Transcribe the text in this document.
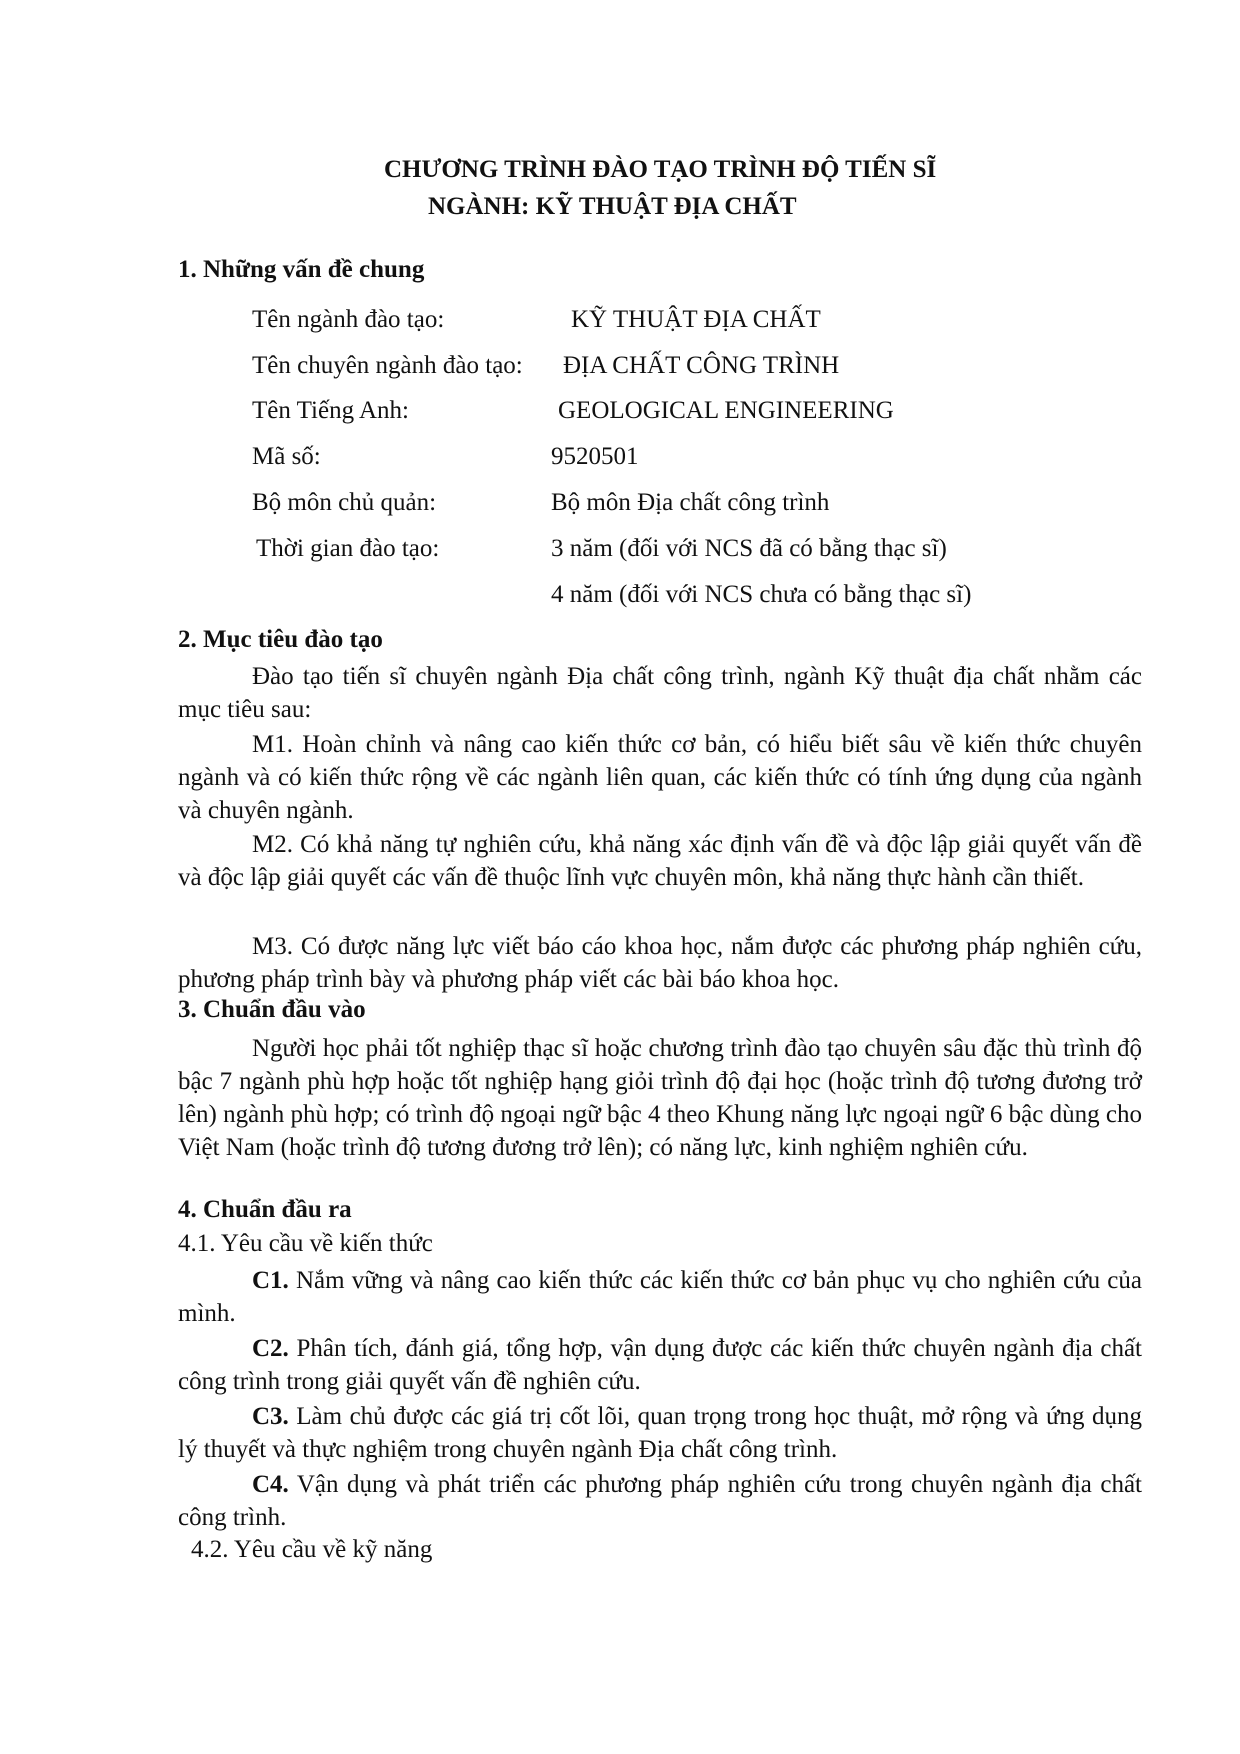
CHƯƠNG TRÌNH ĐÀO TẠO TRÌNH ĐỘ TIẾN SĨ
NGÀNH: KỸ THUẬT ĐỊA CHẤT
1. Những vấn đề chung
Tên ngành đào tạo:	KỸ THUẬT ĐỊA CHẤT
Tên chuyên ngành đào tạo: ĐỊA CHẤT CÔNG TRÌNH
Tên Tiếng Anh:	GEOLOGICAL ENGINEERING
Mã số:	9520501
Bộ môn chủ quản:	Bộ môn Địa chất công trình
Thời gian đào tạo:	3 năm (đối với NCS đã có bằng thạc sĩ)
4 năm (đối với NCS chưa có bằng thạc sĩ)
2. Mục tiêu đào tạo

Đào tạo tiến sĩ chuyên ngành Địa chất công trình, ngành Kỹ thuật địa chất nhằm các mục tiêu sau:

M1. Hoàn chỉnh và nâng cao kiến thức cơ bản, có hiểu biết sâu về kiến thức chuyên ngành và có kiến thức rộng về các ngành liên quan, các kiến thức có tính ứng dụng của ngành và chuyên ngành.

M2. Có khả năng tự nghiên cứu, khả năng xác định vấn đề và độc lập giải quyết vấn đề và độc lập giải quyết các vấn đề thuộc lĩnh vực chuyên môn, khả năng thực hành cần thiết.

M3. Có được năng lực viết báo cáo khoa học, nắm được các phương pháp nghiên cứu, phương pháp trình bày và phương pháp viết các bài báo khoa học.

3. Chuẩn đầu vào

Người học phải tốt nghiệp thạc sĩ hoặc chương trình đào tạo chuyên sâu đặc thù trình độ bậc 7 ngành phù hợp hoặc tốt nghiệp hạng giỏi trình độ đại học (hoặc trình độ tương đương trở lên) ngành phù hợp; có trình độ ngoại ngữ bậc 4 theo Khung năng lực ngoại ngữ 6 bậc dùng cho Việt Nam (hoặc trình độ tương đương trở lên); có năng lực, kinh nghiệm nghiên cứu.

4. Chuẩn đầu ra
4.1. Yêu cầu về kiến thức

C1. Nắm vững và nâng cao kiến thức các kiến thức cơ bản phục vụ cho nghiên cứu của mình.

C2. Phân tích, đánh giá, tổng hợp, vận dụng được các kiến thức chuyên ngành địa chất công trình trong giải quyết vấn đề nghiên cứu.

C3. Làm chủ được các giá trị cốt lõi, quan trọng trong học thuật, mở rộng và ứng dụng lý thuyết và thực nghiệm trong chuyên ngành Địa chất công trình.

C4. Vận dụng và phát triển các phương pháp nghiên cứu trong chuyên ngành địa chất công trình.

4.2. Yêu cầu về kỹ năng
